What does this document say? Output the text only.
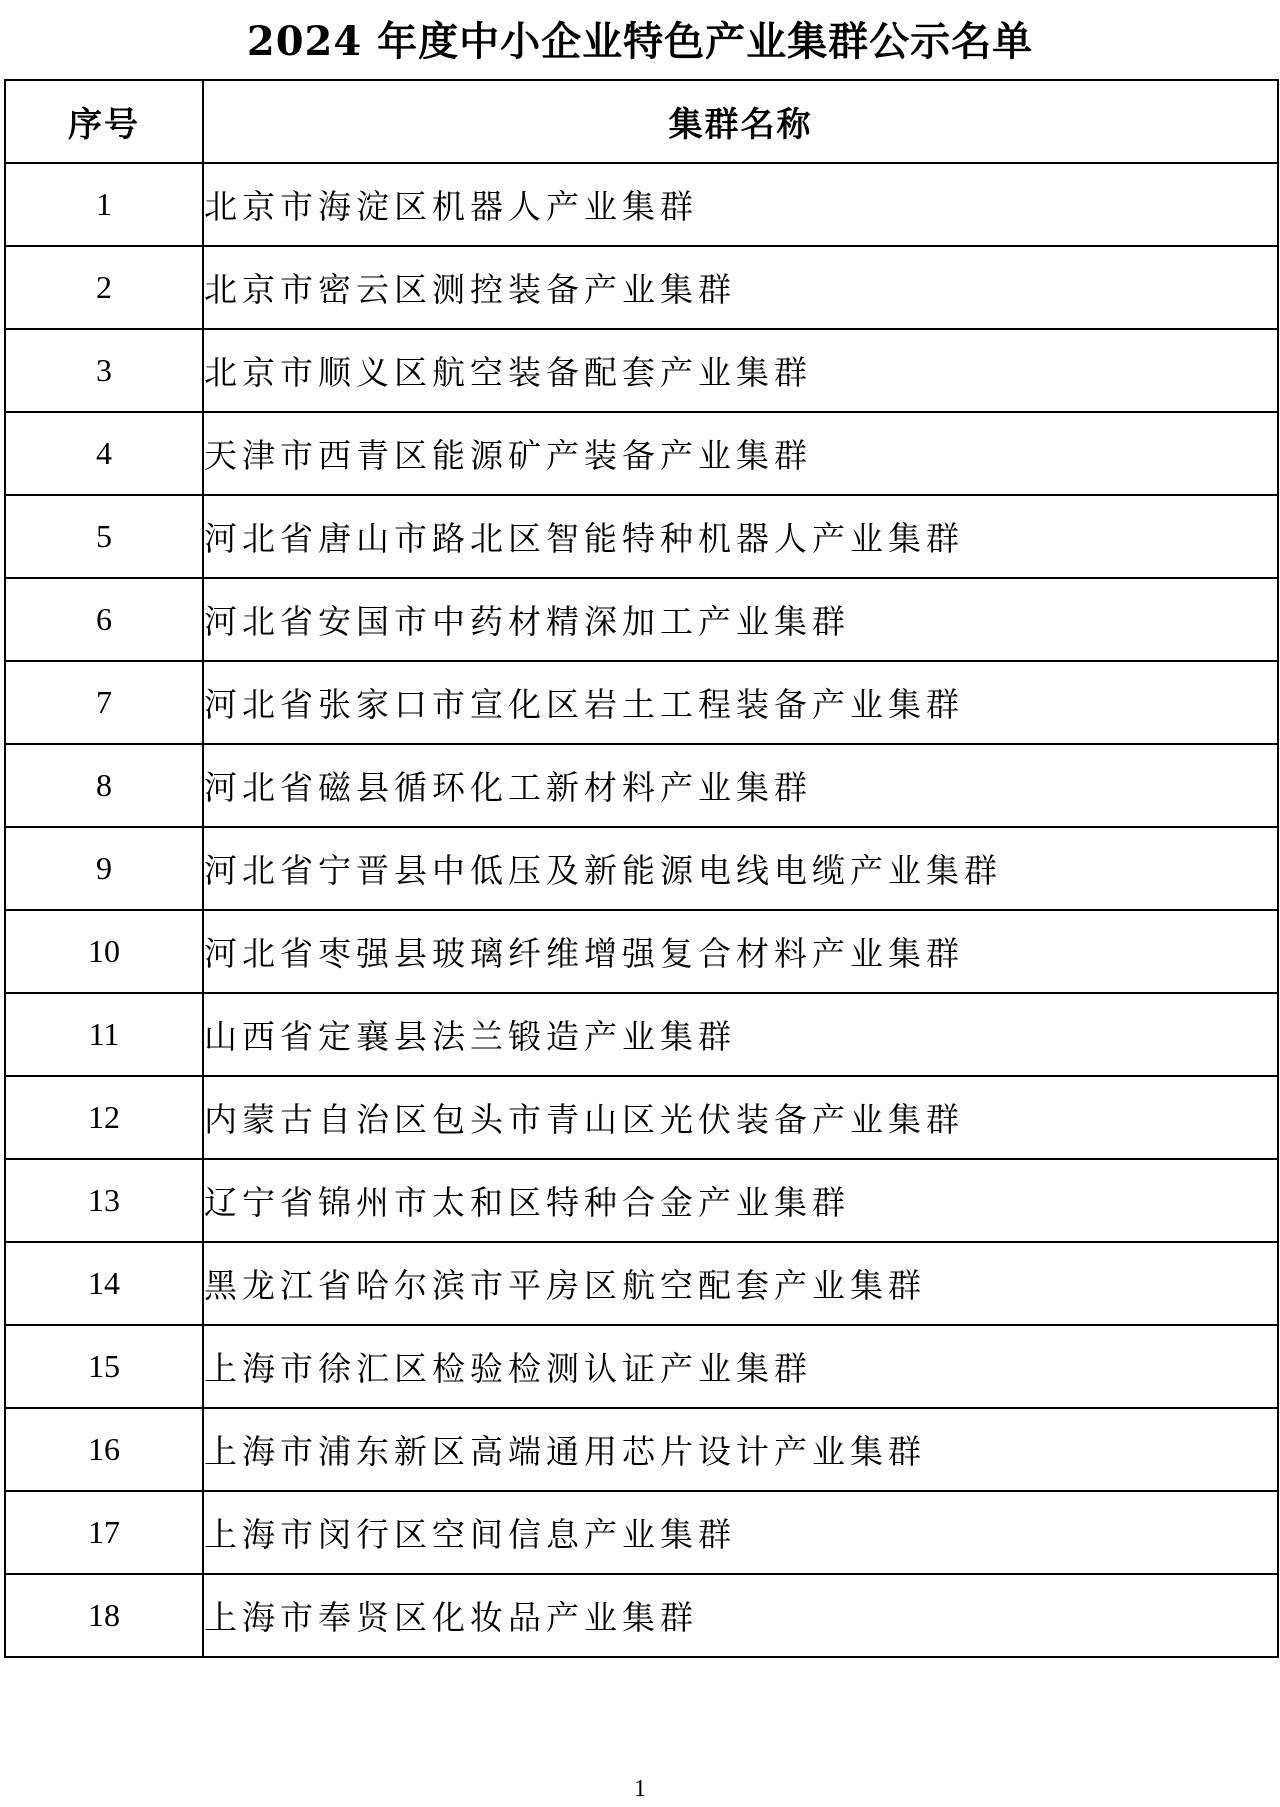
2024 年度中小企业特色产业集群公示名单
序号	集群名称
1	北京市海淀区机器人产业集群
2	北京市密云区测控装备产业集群
3	北京市顺义区航空装备配套产业集群
4	天津市西青区能源矿产装备产业集群
5	河北省唐山市路北区智能特种机器人产业集群
6	河北省安国市中药材精深加工产业集群
7	河北省张家口市宣化区岩土工程装备产业集群
8	河北省磁县循环化工新材料产业集群
9	河北省宁晋县中低压及新能源电线电缆产业集群
10	河北省枣强县玻璃纤维增强复合材料产业集群
11	山西省定襄县法兰锻造产业集群
12	内蒙古自治区包头市青山区光伏装备产业集群
13	辽宁省锦州市太和区特种合金产业集群
14	黑龙江省哈尔滨市平房区航空配套产业集群
15	上海市徐汇区检验检测认证产业集群
16	上海市浦东新区高端通用芯片设计产业集群
17	上海市闵行区空间信息产业集群
18	上海市奉贤区化妆品产业集群
1
